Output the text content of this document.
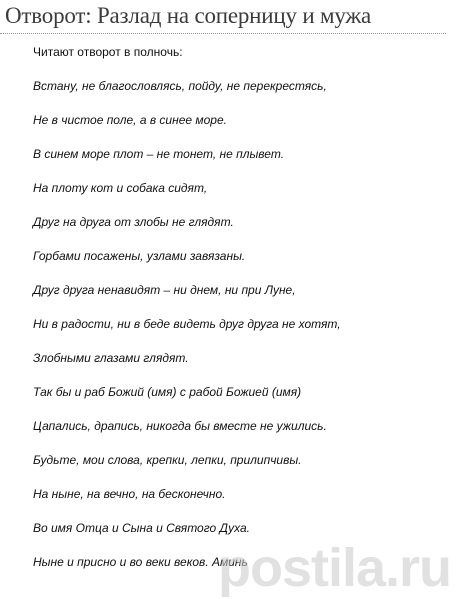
Отворот: Разлад на соперницу и мужа
Читают отворот в полночь:
Встану, не благословлясь, пойду, не перекрестясь,
Не в чистое поле, а в синее море.
В синем море плот – не тонет, не плывет.
На плоту кот и собака сидят,
Друг на друга от злобы не глядят.
Горбами посажены, узлами завязаны.
Друг друга ненавидят – ни днем, ни при Луне,
Ни в радости, ни в беде видеть друг друга не хотят,
Злобными глазами глядят.
Так бы и раб Божий (имя) с рабой Божией (имя)
Цапались, драпись, никогда бы вместе не ужились.
Будьте, мои слова, крепки, лепки, прилипчивы.
На ныне, на вечно, на бесконечно.
Во имя Отца и Сына и Святого Духа.
Ныне и присно и во веки веков. Аминь
postila.ru
